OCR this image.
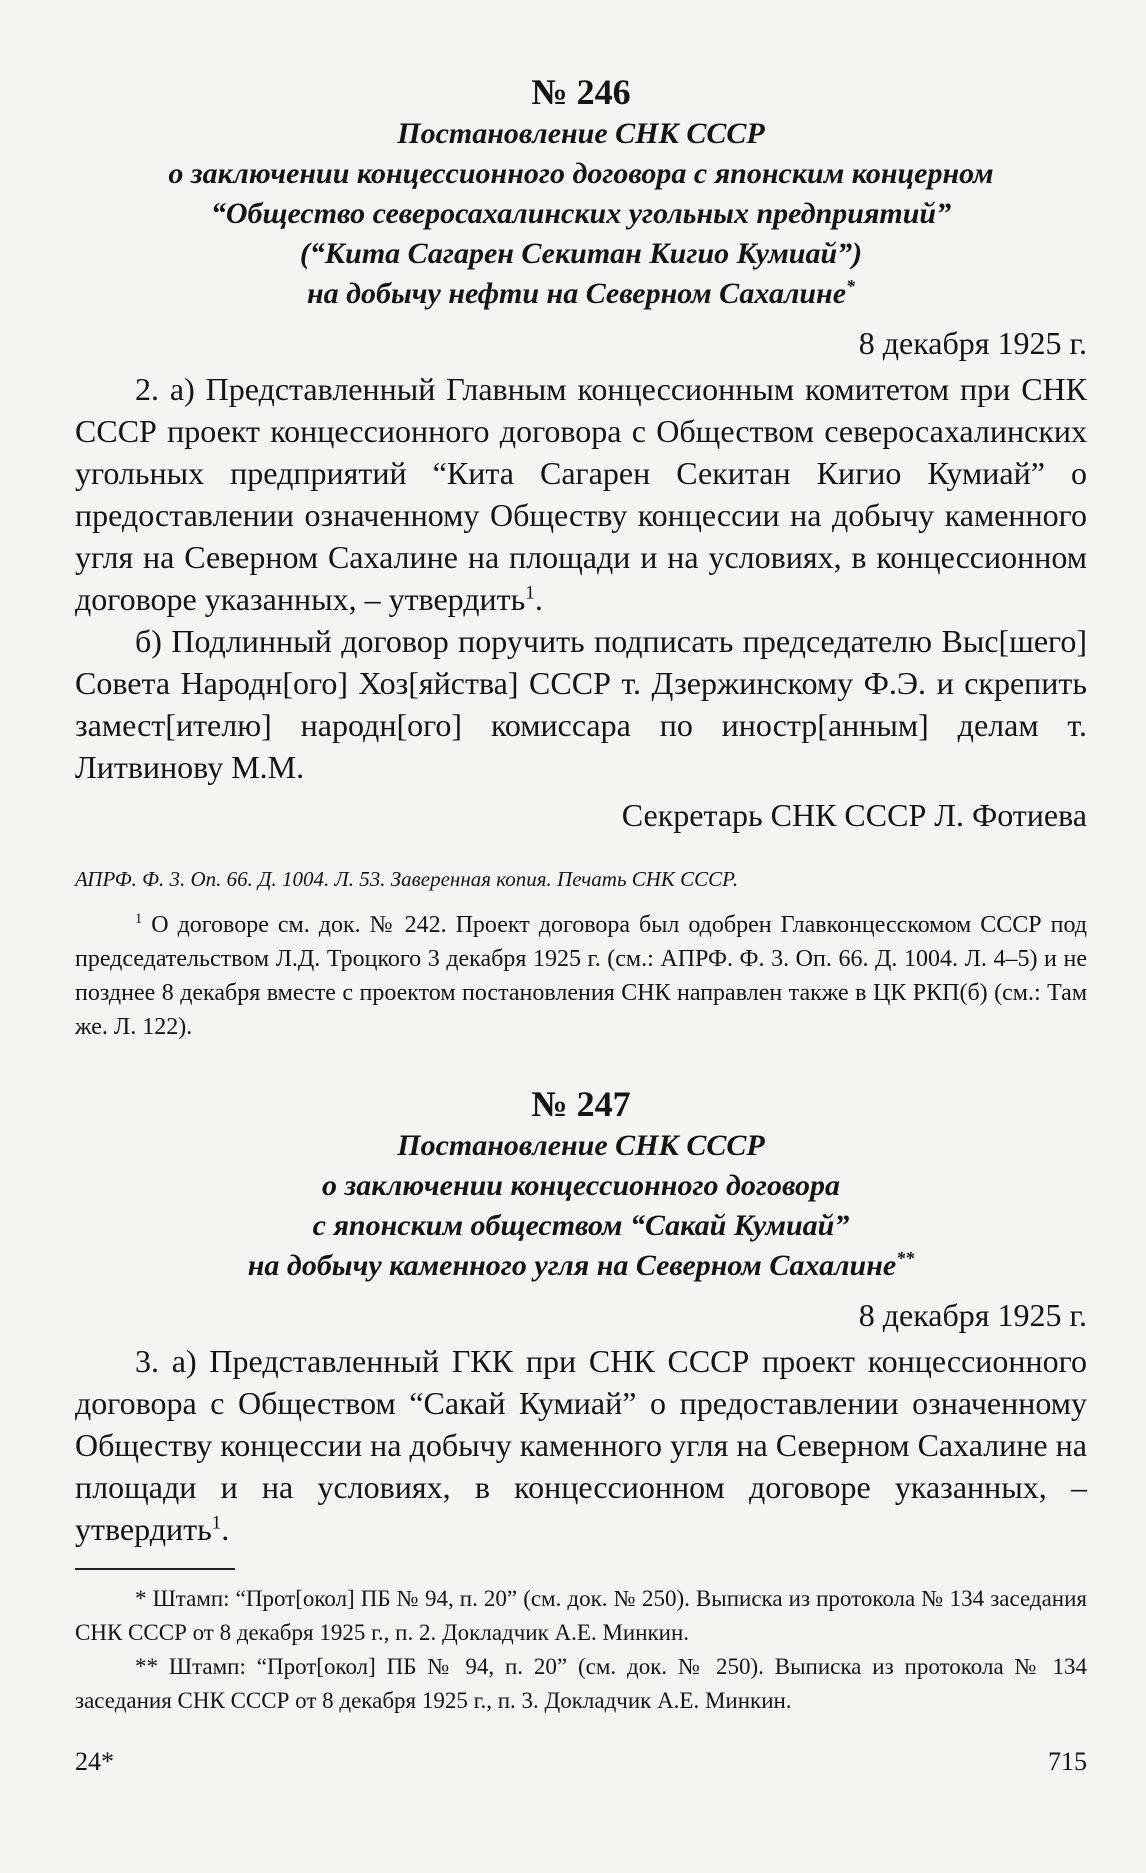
№ 246

Постановление СНК СССР

о заключении концессионного договора с японским концерном

“Общество северосахалинских угольных предприятий”

(“Кита Сагарен Секитан Кигио Кумиай”)

на добычу нефти на Северном Сахалине*

8 декабря 1925 г.

2. а) Представленный Главным концессионным комитетом при СНК СССР проект концессионного договора с Обществом северосахалинских угольных предприятий “Кита Сагарен Секитан Кигио Кумиай” о предоставлении означенному Обществу концессии на добычу каменного угля на Северном Сахалине на площади и на условиях, в концессионном договоре указанных, – утвердить$^1$.

б) Подлинный договор поручить подписать председателю Выс[шего] Совета Народн[ого] Хоз[яйства] СССР т. Дзержинскому Ф.Э. и скрепить замест[ителю] народн[ого] комиссара по иностр[анным] делам т. Литвинову М.М.

Секретарь СНК СССР Л. Фотиева

АПРФ. Ф. 3. Оп. 66. Д. 1004. Л. 53. Заверенная копия. Печать СНК СССР.

$^1$ О договоре см. док. № 242. Проект договора был одобрен Главконцесскомом СССР под председательством Л.Д. Троцкого 3 декабря 1925 г. (см.: АПРФ. Ф. 3. Оп. 66. Д. 1004. Л. 4–5) и не позднее 8 декабря вместе с проектом постановления СНК направлен также в ЦК РКП(б) (см.: Там же. Л. 122).

№ 247

Постановление СНК СССР

о заключении концессионного договора

с японским обществом “Сакай Кумиай”

на добычу каменного угля на Северном Сахалине**

8 декабря 1925 г.

3. а) Представленный ГКК при СНК СССР проект концессионного договора с Обществом “Сакай Кумиай” о предоставлении означенному Обществу концессии на добычу каменного угля на Северном Сахалине на площади и на условиях, в концессионном договоре указанных, – утвердить$^1$.

* Штамп: “Прот[окол] ПБ № 94, п. 20” (см. док. № 250). Выписка из протокола № 134 заседания СНК СССР от 8 декабря 1925 г., п. 2. Докладчик А.Е. Минкин.

** Штамп: “Прот[окол] ПБ № 94, п. 20” (см. док. № 250). Выписка из протокола № 134 заседания СНК СССР от 8 декабря 1925 г., п. 3. Докладчик А.Е. Минкин.

24*	715
